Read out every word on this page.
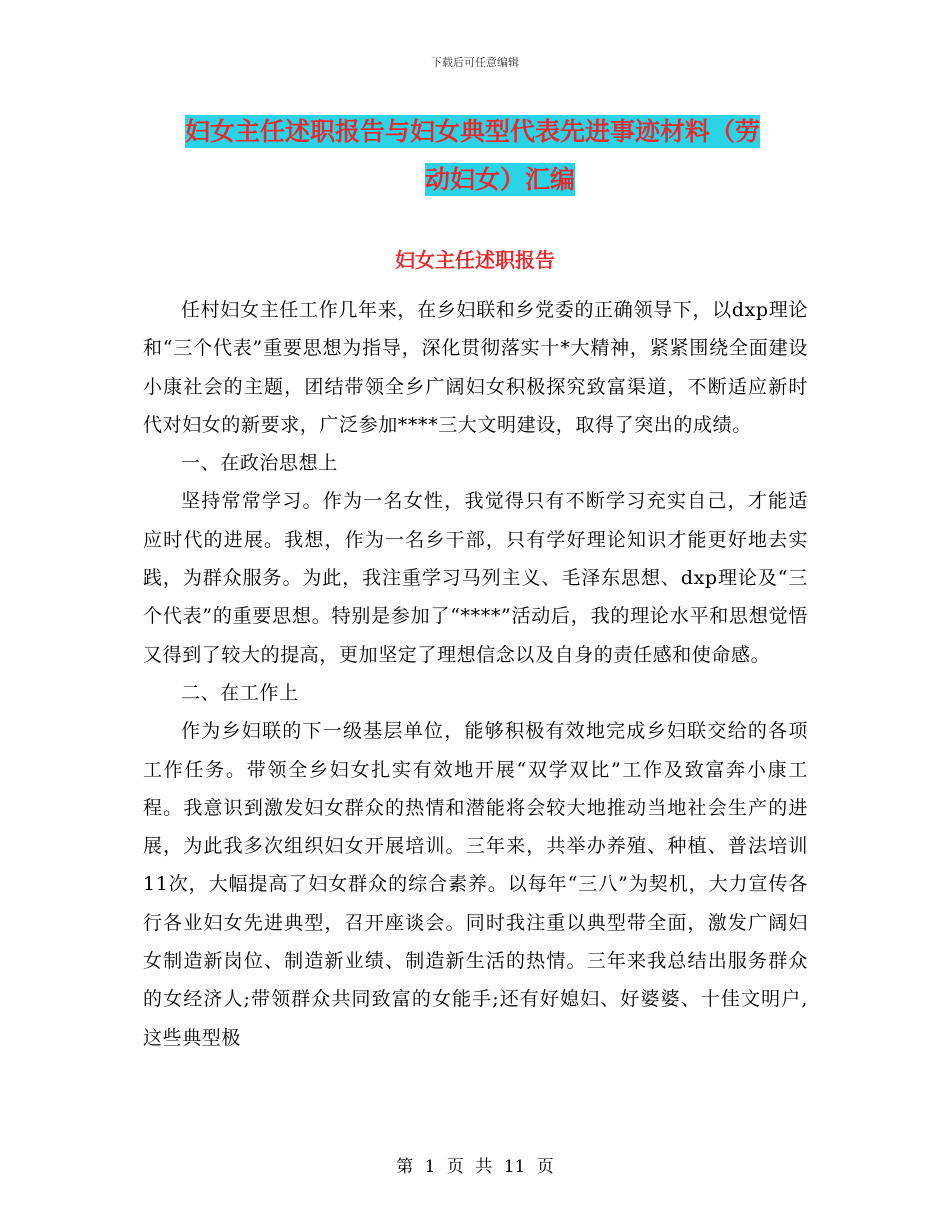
下载后可任意编辑
妇女主任述职报告与妇女典型代表先进事迹材料（劳
动妇女）汇编
妇女主任述职报告

任村妇女主任工作几年来，在乡妇联和乡党委的正确领导下，以dxp理论和“三个代表”重要思想为指导，深化贯彻落实十*大精神，紧紧围绕全面建设小康社会的主题，团结带领全乡广阔妇女积极探究致富渠道，不断适应新时代对妇女的新要求，广泛参加****三大文明建设，取得了突出的成绩。

一、在政治思想上

坚持常常学习。作为一名女性，我觉得只有不断学习充实自己，才能适应时代的进展。我想，作为一名乡干部，只有学好理论知识才能更好地去实践，为群众服务。为此，我注重学习马列主义、毛泽东思想、dxp理论及“三个代表”的重要思想。特别是参加了“****”活动后，我的理论水平和思想觉悟又得到了较大的提高，更加坚定了理想信念以及自身的责任感和使命感。

二、在工作上

作为乡妇联的下一级基层单位，能够积极有效地完成乡妇联交给的各项工作任务。带领全乡妇女扎实有效地开展“双学双比”工作及致富奔小康工程。我意识到激发妇女群众的热情和潜能将会较大地推动当地社会生产的进展，为此我多次组织妇女开展培训。三年来，共举办养殖、种植、普法培训11次，大幅提高了妇女群众的综合素养。以每年“三八”为契机，大力宣传各行各业妇女先进典型，召开座谈会。同时我注重以典型带全面，激发广阔妇女制造新岗位、制造新业绩、制造新生活的热情。三年来我总结出服务群众的女经济人;带领群众共同致富的女能手;还有好媳妇、好婆婆、十佳文明户,这些典型极

第 1 页 共 11 页
